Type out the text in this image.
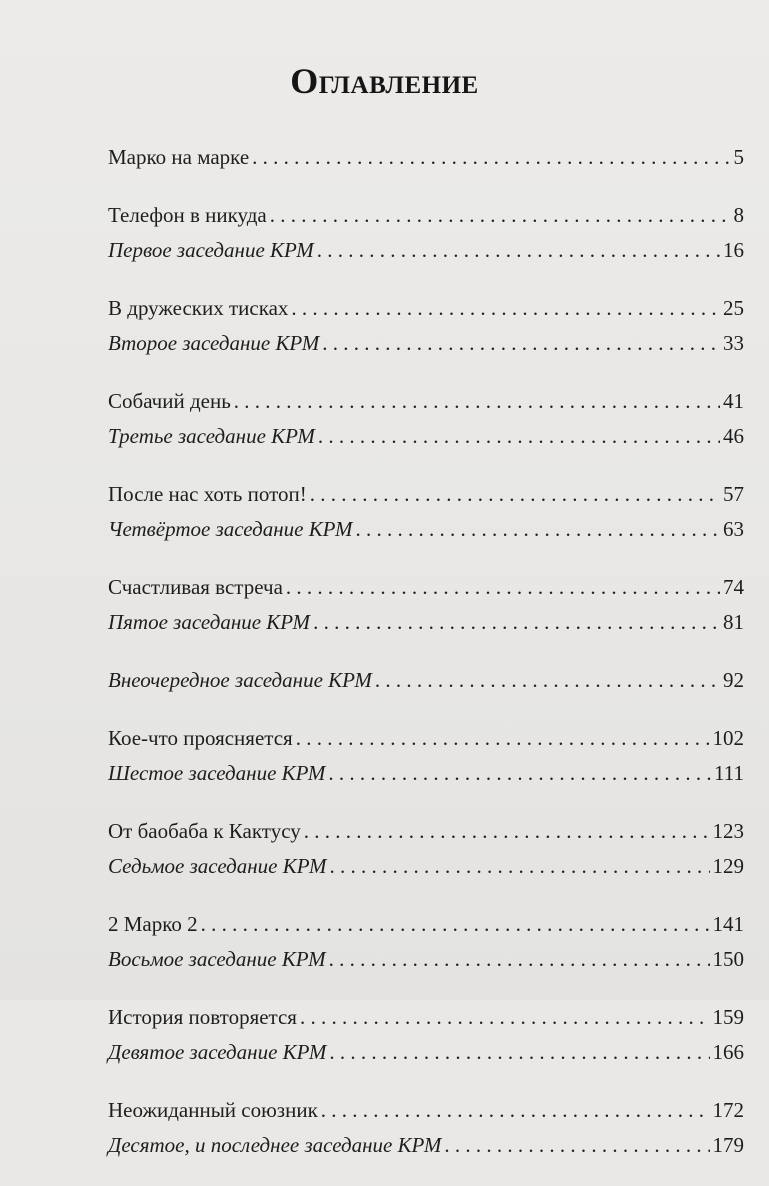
Оглавление
Марко на марке . . .	5
Телефон в никуда . . .	8
Первое заседание КРМ . . .	16
В дружеских тисках . . .	25
Второе заседание КРМ . . .	33
Собачий день . . .	41
Третье заседание КРМ . . .	46
После нас хоть потоп! . . .	57
Четвёртое заседание КРМ . . .	63
Счастливая встреча . . .	74
Пятое заседание КРМ . . .	81
Внеочередное заседание КРМ . . .	92
Кое-что проясняется . . .	102
Шестое заседание КРМ . . .	111
От баобаба к Кактусу . . .	123
Седьмое заседание КРМ . . .	129
2 Марко 2 . . .	141
Восьмое заседание КРМ . . .	150
История повторяется . . .	159
Девятое заседание КРМ . . .	166
Неожиданный союзник . . .	172
Десятое, и последнее заседание КРМ . . .	179
